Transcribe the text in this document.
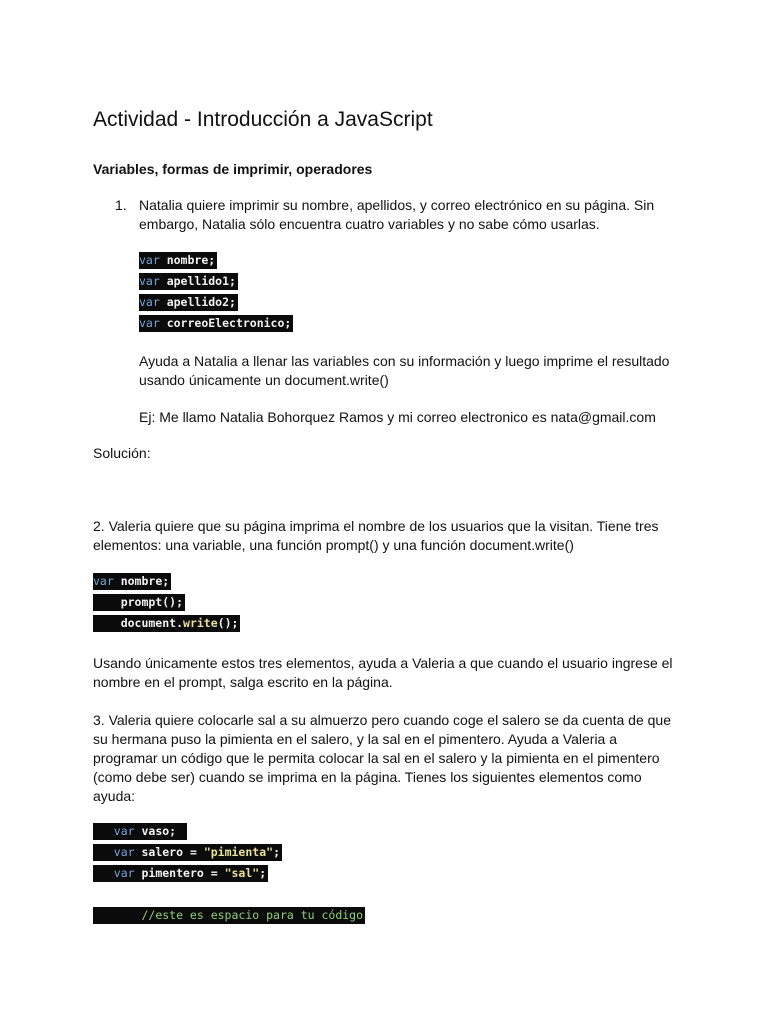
Actividad - Introducción a JavaScript
Variables, formas de imprimir, operadores
1. Natalia quiere imprimir su nombre, apellidos, y correo electrónico en su página. Sin embargo, Natalia sólo encuentra cuatro variables y no sabe cómo usarlas.

var nombre;
var apellido1;
var apellido2;
var correoElectronico;

Ayuda a Natalia a llenar las variables con su información y luego imprime el resultado usando únicamente un document.write()

Ej: Me llamo Natalia Bohorquez Ramos y mi correo electronico es nata@gmail.com

Solución:

2. Valeria quiere que su página imprima el nombre de los usuarios que la visitan. Tiene tres elementos: una variable, una función prompt() y una función document.write()

var nombre;
prompt();
document.write();

Usando únicamente estos tres elementos, ayuda a Valeria a que cuando el usuario ingrese el nombre en el prompt, salga escrito en la página.

3. Valeria quiere colocarle sal a su almuerzo pero cuando coge el salero se da cuenta de que su hermana puso la pimienta en el salero, y la sal en el pimentero. Ayuda a Valeria a programar un código que le permita colocar la sal en el salero y la pimienta en el pimentero (como debe ser) cuando se imprima en la página. Tienes los siguientes elementos como ayuda:

var vaso;
var salero = "pimienta";
var pimentero = "sal";
//este es espacio para tu código
